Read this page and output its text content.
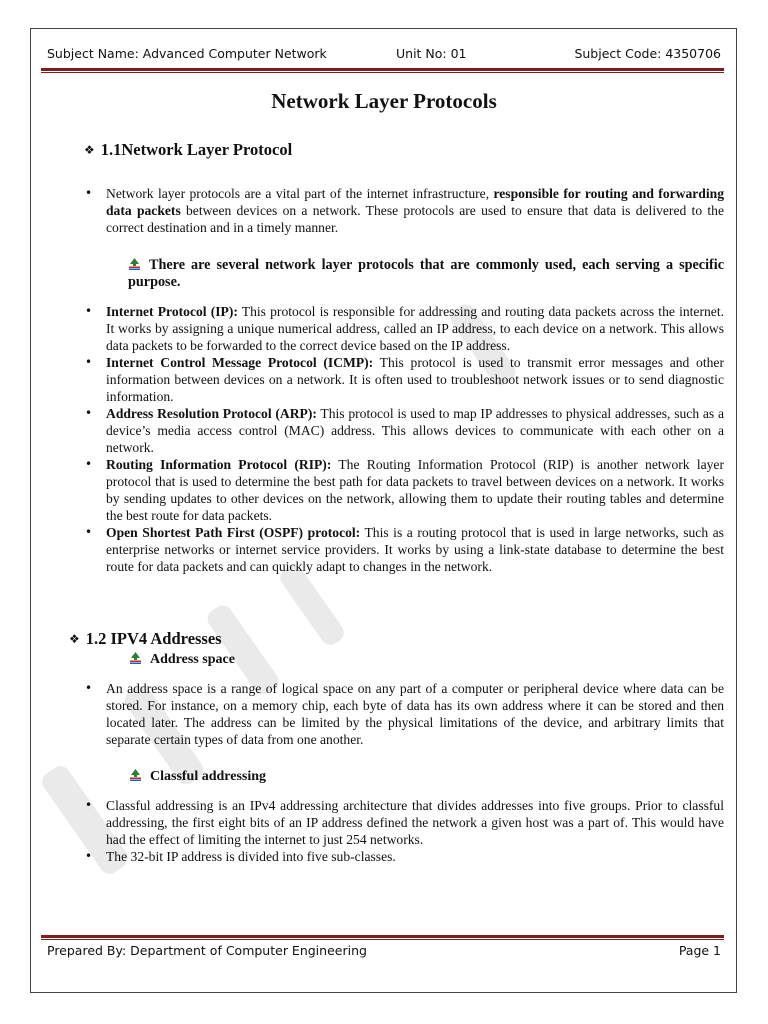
Subject Name: Advanced Computer Network	Unit No: 01	Subject Code: 4350706
Network Layer Protocols
❖ 1.1Network Layer Protocol
• Network layer protocols are a vital part of the internet infrastructure, responsible for routing and forwarding data packets between devices on a network. These protocols are used to ensure that data is delivered to the correct destination and in a timely manner.
There are several network layer protocols that are commonly used, each serving a specific purpose.
• Internet Protocol (IP): This protocol is responsible for addressing and routing data packets across the internet. It works by assigning a unique numerical address, called an IP address, to each device on a network. This allows data packets to be forwarded to the correct device based on the IP address.
• Internet Control Message Protocol (ICMP): This protocol is used to transmit error messages and other information between devices on a network. It is often used to troubleshoot network issues or to send diagnostic information.
• Address Resolution Protocol (ARP): This protocol is used to map IP addresses to physical addresses, such as a device’s media access control (MAC) address. This allows devices to communicate with each other on a network.
• Routing Information Protocol (RIP): The Routing Information Protocol (RIP) is another network layer protocol that is used to determine the best path for data packets to travel between devices on a network. It works by sending updates to other devices on the network, allowing them to update their routing tables and determine the best route for data packets.
• Open Shortest Path First (OSPF) protocol: This is a routing protocol that is used in large networks, such as enterprise networks or internet service providers. It works by using a link-state database to determine the best route for data packets and can quickly adapt to changes in the network.
❖ 1.2 IPV4 Addresses
Address space
• An address space is a range of logical space on any part of a computer or peripheral device where data can be stored. For instance, on a memory chip, each byte of data has its own address where it can be stored and then located later. The address can be limited by the physical limitations of the device, and arbitrary limits that separate certain types of data from one another.
Classful addressing
• Classful addressing is an IPv4 addressing architecture that divides addresses into five groups. Prior to classful addressing, the first eight bits of an IP address defined the network a given host was a part of. This would have had the effect of limiting the internet to just 254 networks.
• The 32-bit IP address is divided into five sub-classes.
Prepared By: Department of Computer Engineering	Page 1
